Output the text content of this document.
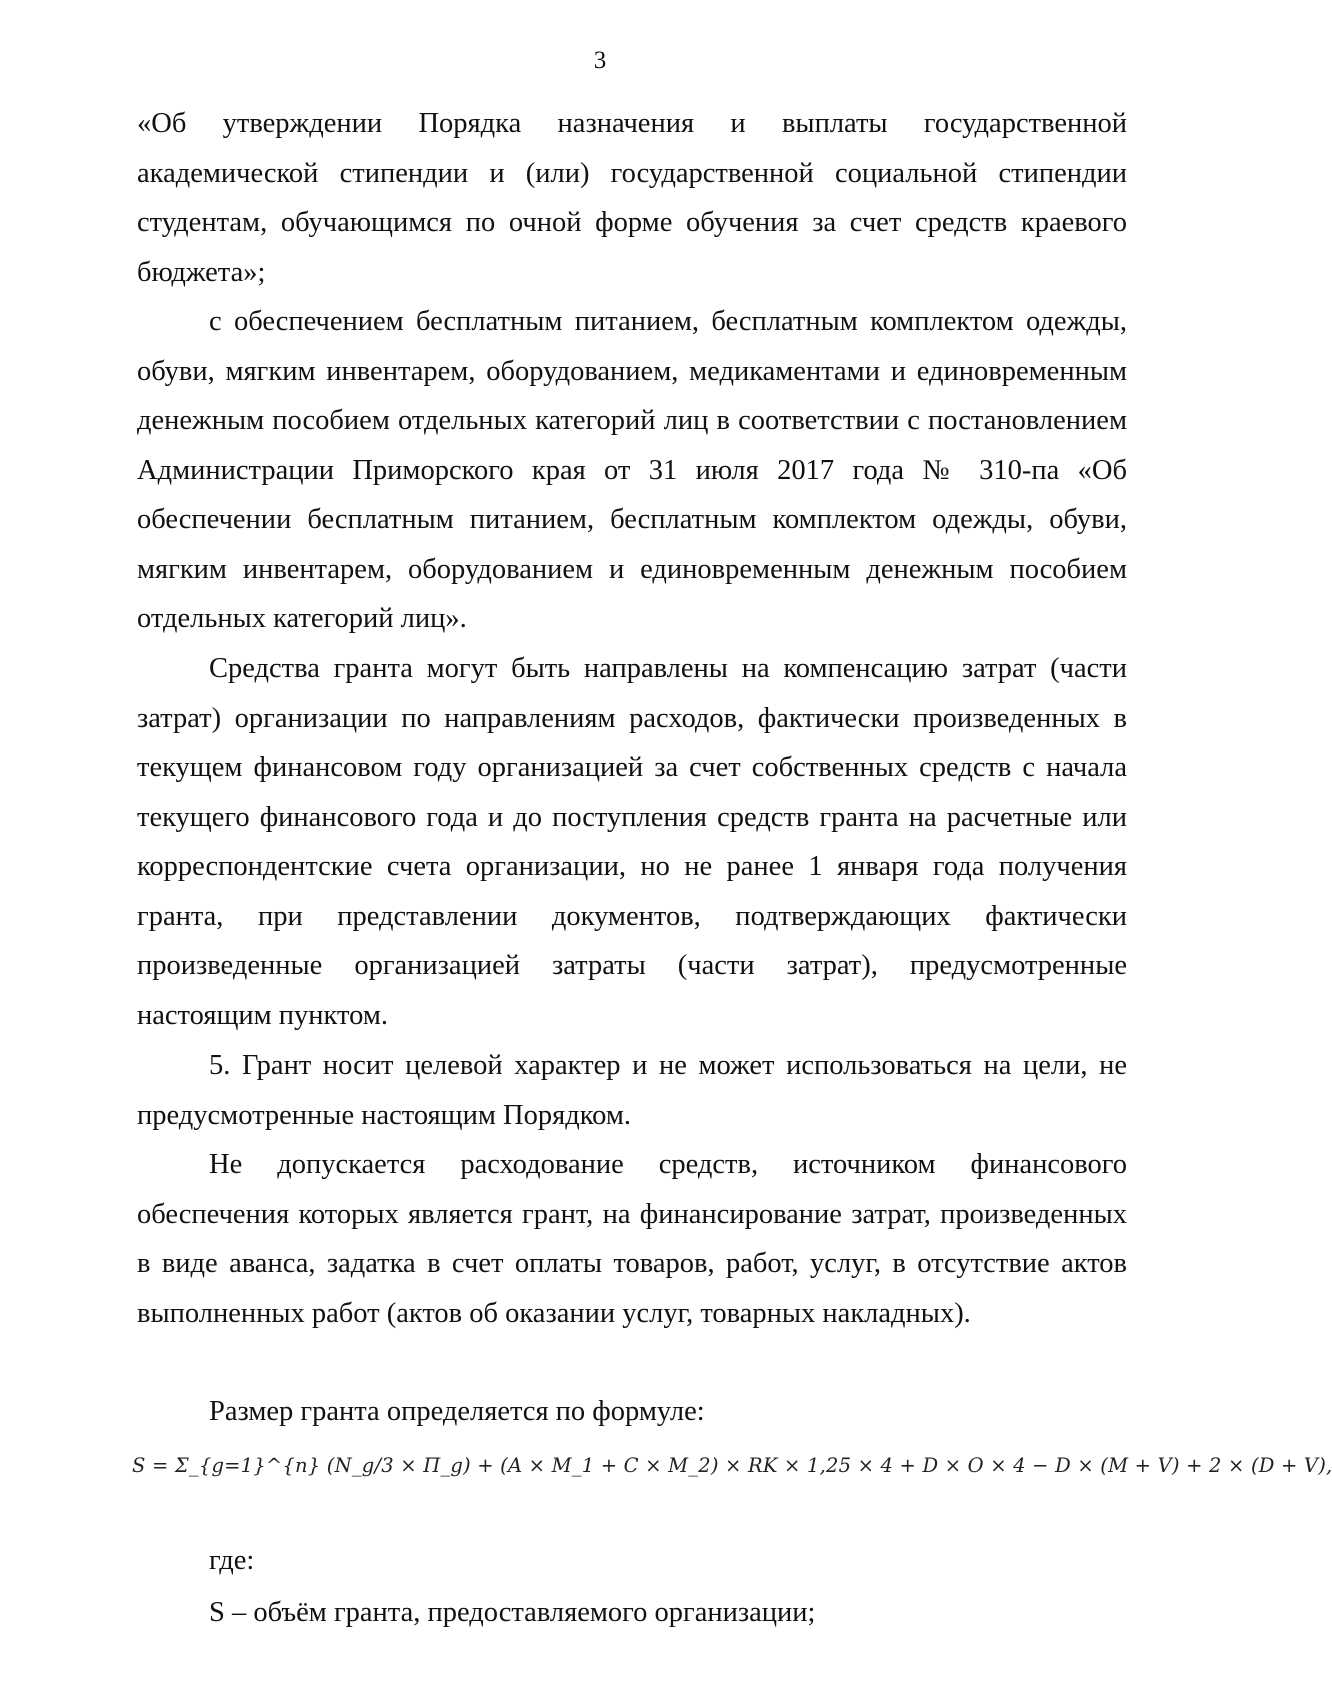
3

«Об утверждении Порядка назначения и выплаты государственной академической стипендии и (или) государственной социальной стипендии студентам, обучающимся по очной форме обучения за счет средств краевого бюджета»;

с обеспечением бесплатным питанием, бесплатным комплектом одежды, обуви, мягким инвентарем, оборудованием, медикаментами и единовременным денежным пособием отдельных категорий лиц в соответствии с постановлением Администрации Приморского края от 31 июля 2017 года № 310-па «Об обеспечении бесплатным питанием, бесплатным комплектом одежды, обуви, мягким инвентарем, оборудованием и единовременным денежным пособием отдельных категорий лиц».

Средства гранта могут быть направлены на компенсацию затрат (части затрат) организации по направлениям расходов, фактически произведенных в текущем финансовом году организацией за счет собственных средств с начала текущего финансового года и до поступления средств гранта на расчетные или корреспондентские счета организации, но не ранее 1 января года получения гранта, при представлении документов, подтверждающих фактически произведенные организацией затраты (части затрат), предусмотренные настоящим пунктом.

5. Грант носит целевой характер и не может использоваться на цели, не предусмотренные настоящим Порядком.

Не допускается расходование средств, источником финансового обеспечения которых является грант, на финансирование затрат, произведенных в виде аванса, задатка в счет оплаты товаров, работ, услуг, в отсутствие актов выполненных работ (актов об оказании услуг, товарных накладных).

Размер гранта определяется по формуле:

S = Σ_{g=1}^{n} (N_g/3 × П_g) + (A × M_1 + C × M_2) × RK × 1,25 × 4 + D × O × 4 − D × (M + V) + 2 × (D + V),

где:

S – объём гранта, предоставляемого организации;
